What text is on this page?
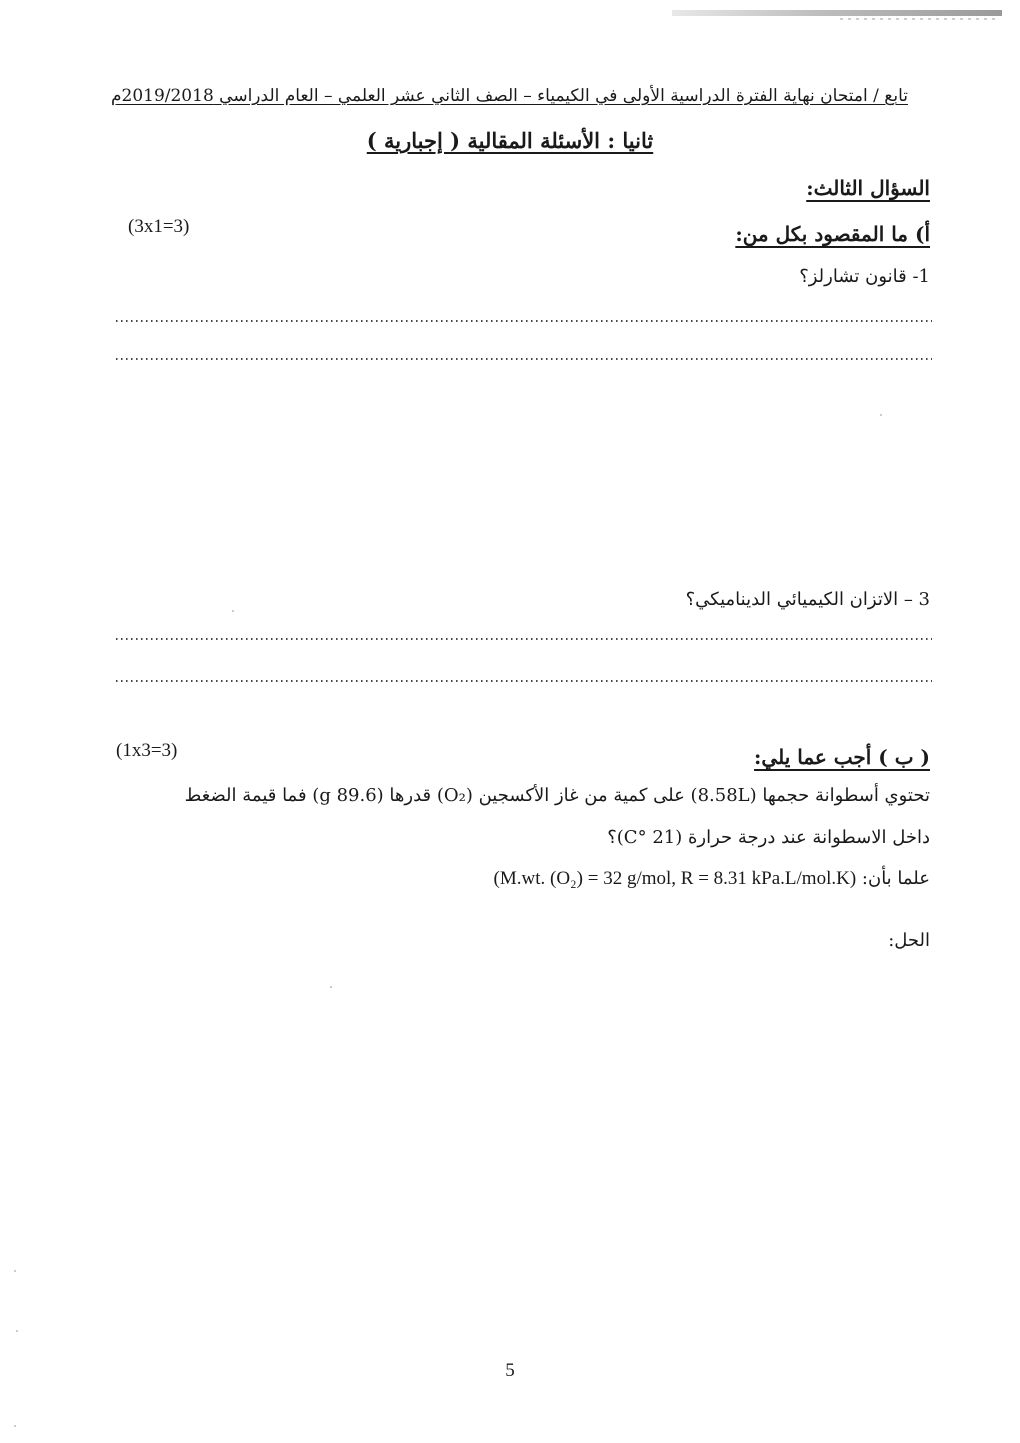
تابع / امتحان نهاية الفترة الدراسية الأولى في الكيمياء – الصف الثاني عشر العلمي – العام الدراسي 2019/2018م
ثانيا : الأسئلة المقالية ( إجبارية )
السؤال الثالث:
أ) ما المقصود بكل من:
(3x1=3)
1- قانون تشارلز؟
3 – الاتزان الكيميائي الديناميكي؟
( ب ) أجب عما يلي:
(1x3=3)
تحتوي أسطوانة حجمها (8.58L) على كمية من غاز الأكسجين (O₂) قدرها (89.6 g) فما قيمة الضغط
داخل الاسطوانة عند درجة حرارة (21 °C)؟
علما بأن: (M.wt. (O₂) = 32 g/mol, R = 8.31 kPa.L/mol.K)
الحل:
5
